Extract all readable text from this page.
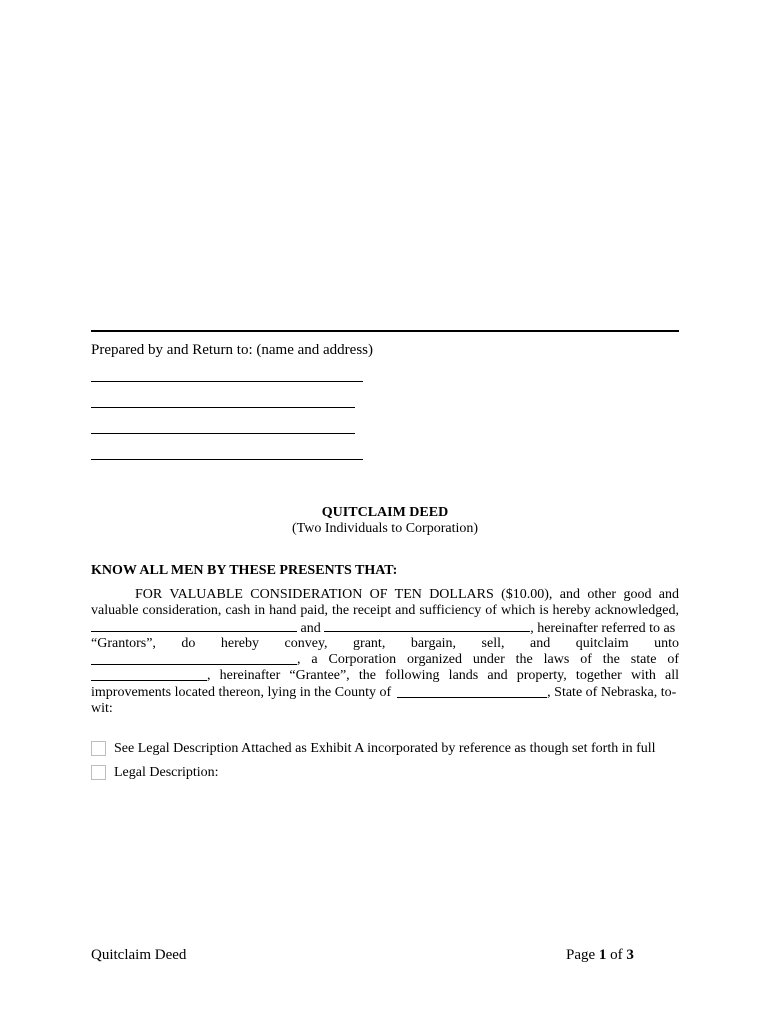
Prepared by and Return to: (name and address)
QUITCLAIM DEED
(Two Individuals to Corporation)
KNOW ALL MEN BY THESE PRESENTS THAT:
FOR VALUABLE CONSIDERATION OF TEN DOLLARS ($10.00), and other good and
valuable consideration, cash in hand paid, the receipt and sufficiency of which is hereby acknowledged,
and	, hereinafter referred to as
“Grantors”, do hereby convey, grant, bargain, sell, and quitclaim unto
, a Corporation organized under the laws of the state of
, hereinafter “Grantee”, the following lands and property, together with all
improvements located thereon, lying in the County of	, State of Nebraska, to-
wit:
See Legal Description Attached as Exhibit A incorporated by reference as though set forth in full
Legal Description:
Quitclaim Deed	Page 1 of 3
